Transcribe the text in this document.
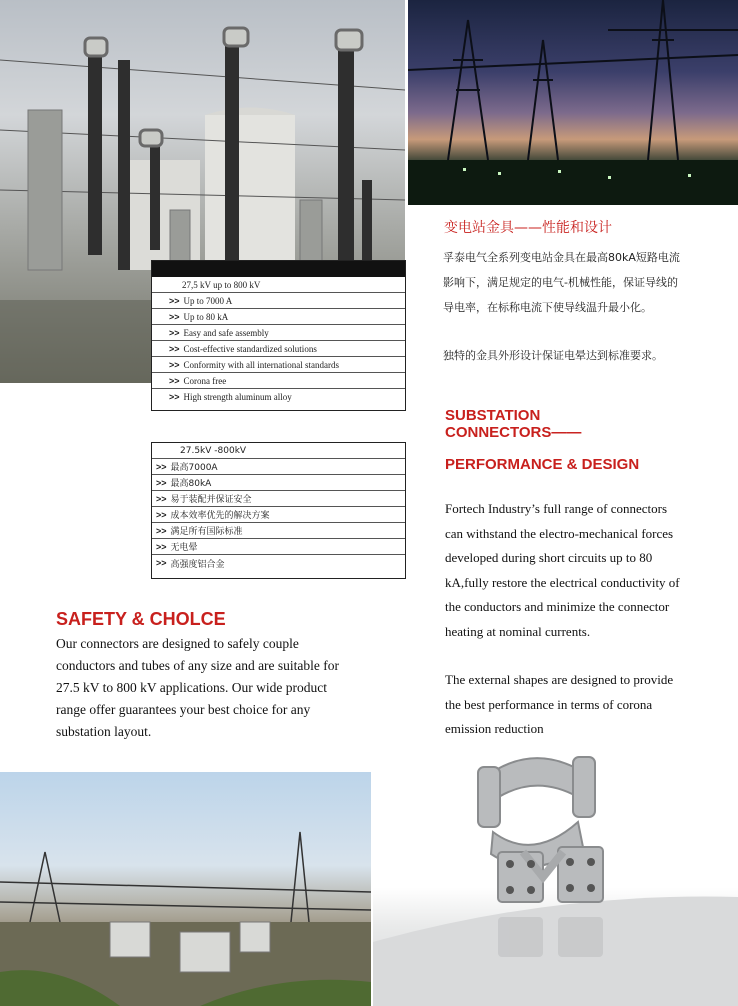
27,5 kV up to 800 kV
>> Up to 7000 A
>> Up to 80 kA
>> Easy and safe assembly
>> Cost-effective standardized solutions
>> Conformity with all international standards
>> Corona free
>> High strength aluminum alloy
变电站金具——性能和设计
孚泰电气全系列变电站金具在最高80kA短路电流
影响下，满足规定的电气-机械性能，保证导线的
导电率，在标称电流下使导线温升最小化。
独特的金具外形设计保证电晕达到标准要求。
SUBSTATION
CONNECTORS——
PERFORMANCE & DESIGN
27.5kV -800kV
>> 最高7000A
>> 最高80kA
>> 易于装配并保证安全
>> 成本效率优先的解决方案
>> 满足所有国际标准
>> 无电晕
>> 高强度铝合金
Fortech Industry’s full range of connectors
can withstand the electro-mechanical forces
developed during short circuits up to 80
kA,fully restore the electrical conductivity of
the conductors and minimize the connector
heating at nominal currents.
The external shapes are designed to provide
the best performance in terms of corona
emission reduction
SAFETY & CHOLCE
Our connectors are designed to safely couple
conductors and tubes of any size and are suitable for
27.5 kV to 800 kV applications. Our wide product
range offer guarantees your best choice for any
substation layout.
